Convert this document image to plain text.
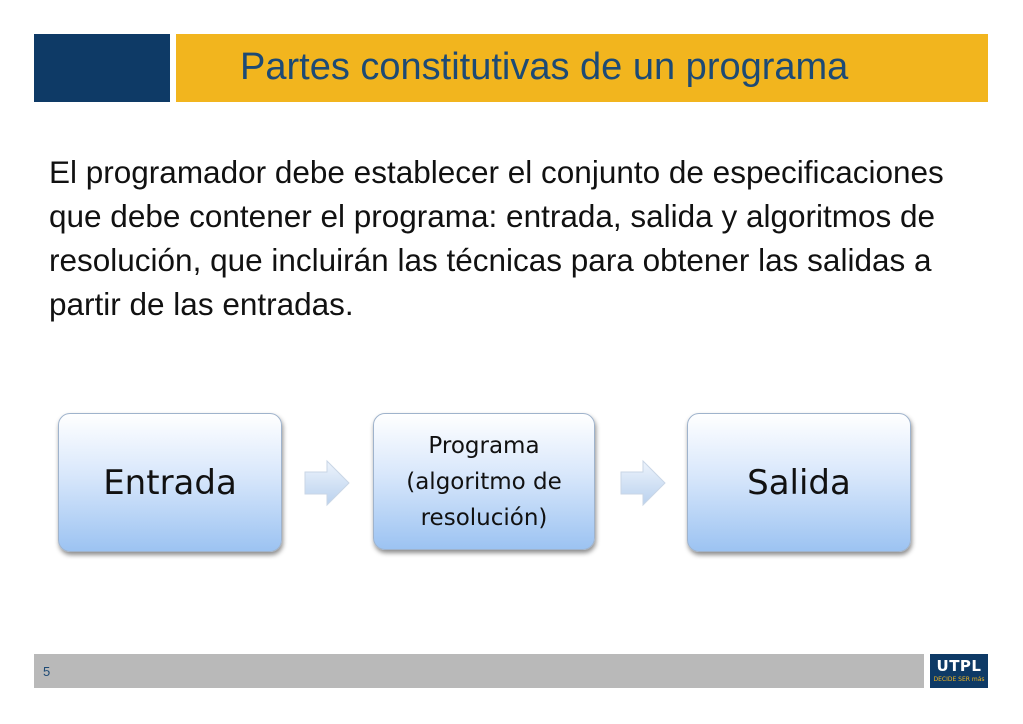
Partes constitutivas de un programa
El programador debe establecer el conjunto de especificaciones que debe contener el programa: entrada, salida y algoritmos de resolución, que incluirán las técnicas para obtener las salidas a partir de las entradas.
Entrada
Programa (algoritmo de resolución)
Salida
5	UTPL
DECIDE SER más
